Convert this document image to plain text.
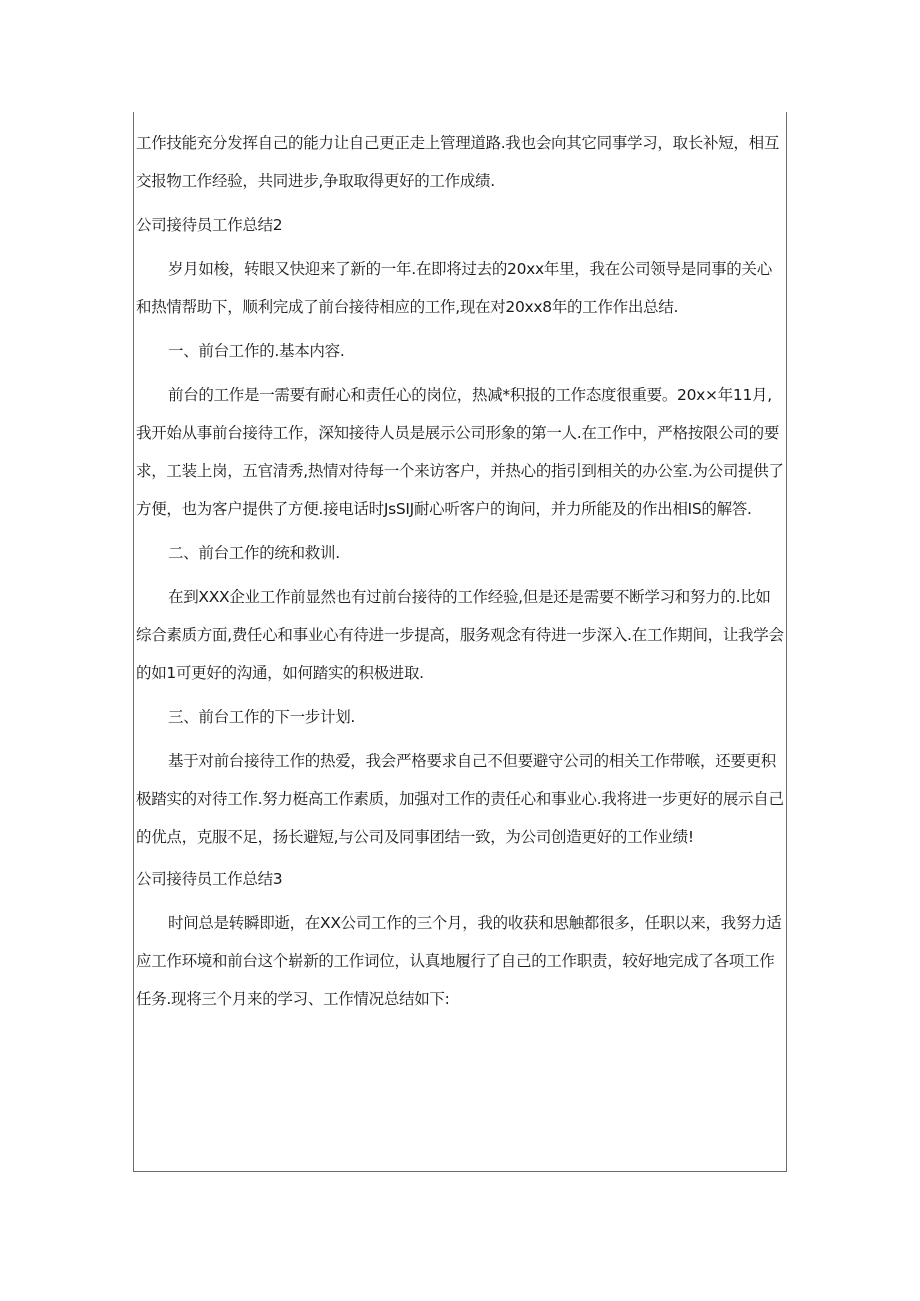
工作技能充分发挥自己的能力让自己更正走上管理道路.我也会向其它同事学习，取长补短，相互交报物工作经验，共同进步,争取取得更好的工作成绩.

公司接待员工作总结2

岁月如梭，转眼又快迎来了新的一年.在即将过去的20xx年里，我在公司领导是同事的关心和热情帮助下，顺利完成了前台接待相应的工作,现在对20xx8年的工作作出总结.

一、前台工作的.基本内容.

前台的工作是一需要有耐心和责任心的岗位，热减*积报的工作态度很重要。20x×年11月,我开始从事前台接待工作，深知接待人员是展示公司形象的第一人.在工作中，严格按限公司的要求，工装上岗，五官清秀,热情对待每一个来访客户，并热心的指引到相关的办公室.为公司提供了方便，也为客户提供了方便.接电话时JsSIJ耐心听客户的询问，并力所能及的作出相IS的解答.

二、前台工作的统和救训.

在到XXX企业工作前显然也有过前台接待的工作经验,但是还是需要不断学习和努力的.比如综合素质方面,费任心和事业心有待进一步提高，服务观念有待进一步深入.在工作期间，让我学会的如1可更好的沟通，如何踏实的积极进取.

三、前台工作的下一步计划.

基于对前台接待工作的热爱，我会严格要求自己不但要避守公司的相关工作带喉，还要更积极踏实的对待工作.努力梃高工作素质，加强对工作的责任心和事业心.我将进一步更好的展示自己的优点，克服不足，扬长避短,与公司及同事团结一致，为公司创造更好的工作业绩!

公司接待员工作总结3

时间总是转瞬即逝，在XX公司工作的三个月，我的收获和思触都很多，任职以来，我努力适应工作环境和前台这个崭新的工作词位，认真地履行了自己的工作职责，较好地完成了各项工作任务.现将三个月来的学习、工作情况总结如下:
